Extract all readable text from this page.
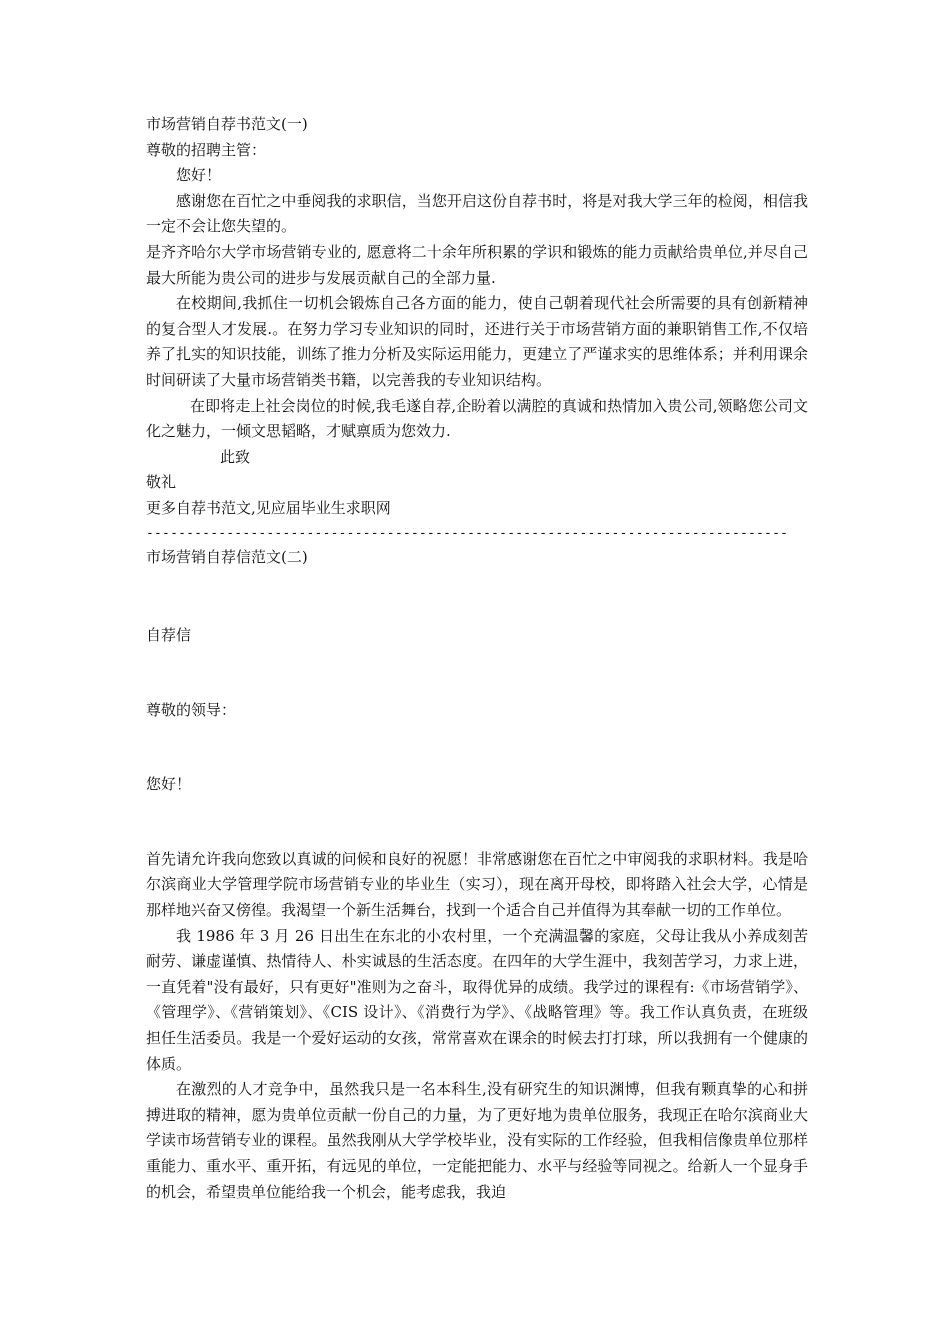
市场营销自荐书范文(一)

尊敬的招聘主管：

您好！

感谢您在百忙之中垂阅我的求职信，当您开启这份自荐书时，将是对我大学三年的检阅，相信我一定不会让您失望的。

是齐齐哈尔大学市场营销专业的, 愿意将二十余年所积累的学识和锻炼的能力贡献给贵单位,并尽自己最大所能为贵公司的进步与发展贡献自己的全部力量.

在校期间,我抓住一切机会锻炼自己各方面的能力，使自己朝着现代社会所需要的具有创新精神的复合型人才发展.。在努力学习专业知识的同时，还进行关于市场营销方面的兼职销售工作,不仅培养了扎实的知识技能，训练了推力分析及实际运用能力，更建立了严谨求实的思维体系；并利用课余时间研读了大量市场营销类书籍，以完善我的专业知识结构。

在即将走上社会岗位的时候,我毛遂自荐,企盼着以满腔的真诚和热情加入贵公司,领略您公司文化之魅力，一倾文思韬略，才赋禀质为您效力.

此致

敬礼

更多自荐书范文,见应届毕业生求职网

--------------------------------------------------------------------------------

市场营销自荐信范文(二)

自荐信

尊敬的领导：

您好！

首先请允许我向您致以真诚的问候和良好的祝愿！非常感谢您在百忙之中审阅我的求职材料。我是哈尔滨商业大学管理学院市场营销专业的毕业生（实习），现在离开母校，即将踏入社会大学，心情是那样地兴奋又傍徨。我渴望一个新生活舞台，找到一个适合自己并值得为其奉献一切的工作单位。

我 1986 年 3 月 26 日出生在东北的小农村里，一个充满温馨的家庭，父母让我从小养成刻苦耐劳、谦虚谨慎、热情待人、朴实诚恳的生活态度。在四年的大学生涯中，我刻苦学习，力求上进，一直凭着"没有最好，只有更好"准则为之奋斗，取得优异的成绩。我学过的课程有:《市场营销学》、《管理学》、《营销策划》、《CIS 设计》、《消费行为学》、《战略管理》等。我工作认真负责，在班级担任生活委员。我是一个爱好运动的女孩，常常喜欢在课余的时候去打打球，所以我拥有一个健康的体质。

在激烈的人才竞争中，虽然我只是一名本科生,没有研究生的知识渊博，但我有颗真挚的心和拼搏进取的精神，愿为贵单位贡献一份自己的力量，为了更好地为贵单位服务，我现正在哈尔滨商业大学读市场营销专业的课程。虽然我刚从大学学校毕业，没有实际的工作经验，但我相信像贵单位那样重能力、重水平、重开拓，有远见的单位，一定能把能力、水平与经验等同视之。给新人一个显身手的机会，希望贵单位能给我一个机会，能考虑我，我迫
